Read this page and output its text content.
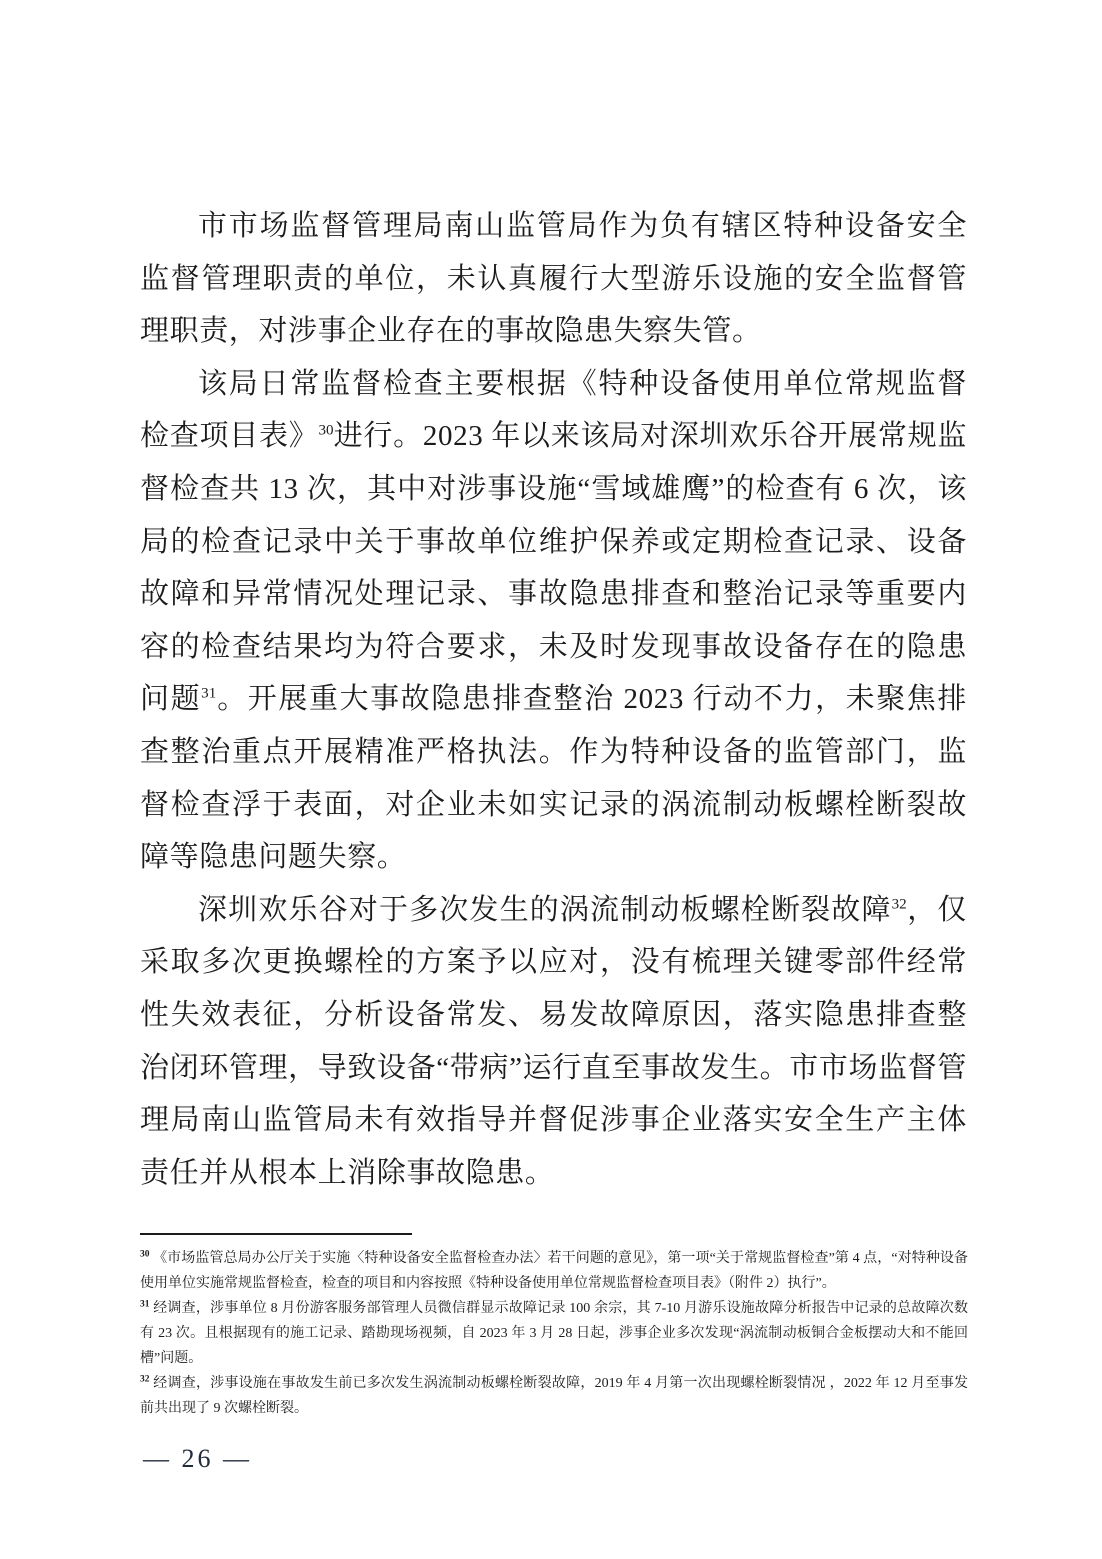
市市场监督管理局南山监管局作为负有辖区特种设备安全监督管理职责的单位，未认真履行大型游乐设施的安全监督管理职责，对涉事企业存在的事故隐患失察失管。

该局日常监督检查主要根据《特种设备使用单位常规监督检查项目表》$^{30}$进行。2023 年以来该局对深圳欢乐谷开展常规监督检查共 13 次，其中对涉事设施“雪域雄鹰”的检查有 6 次，该局的检查记录中关于事故单位维护保养或定期检查记录、设备故障和异常情况处理记录、事故隐患排查和整治记录等重要内容的检查结果均为符合要求，未及时发现事故设备存在的隐患问题$^{31}$。开展重大事故隐患排查整治 2023 行动不力，未聚焦排查整治重点开展精准严格执法。作为特种设备的监管部门，监督检查浮于表面，对企业未如实记录的涡流制动板螺栓断裂故障等隐患问题失察。

深圳欢乐谷对于多次发生的涡流制动板螺栓断裂故障$^{32}$，仅采取多次更换螺栓的方案予以应对，没有梳理关键零部件经常性失效表征，分析设备常发、易发故障原因，落实隐患排查整治闭环管理，导致设备“带病”运行直至事故发生。市市场监督管理局南山监管局未有效指导并督促涉事企业落实安全生产主体责任并从根本上消除事故隐患。

$^{30}$ 《市场监管总局办公厅关于实施〈特种设备安全监督检查办法〉若干问题的意见》，第一项“关于常规监督检查”第 4 点，“对特种设备使用单位实施常规监督检查，检查的项目和内容按照《特种设备使用单位常规监督检查项目表》（附件 2）执行”。
$^{31}$ 经调查，涉事单位 8 月份游客服务部管理人员微信群显示故障记录 100 余宗，其 7-10 月游乐设施故障分析报告中记录的总故障次数有 23 次。且根据现有的施工记录、踏勘现场视频，自 2023 年 3 月 28 日起，涉事企业多次发现“涡流制动板铜合金板摆动大和不能回槽”问题。
$^{32}$ 经调查，涉事设施在事故发生前已多次发生涡流制动板螺栓断裂故障，2019 年 4 月第一次出现螺栓断裂情况 ，2022 年 12 月至事发前共出现了 9 次螺栓断裂。
— 26 —
